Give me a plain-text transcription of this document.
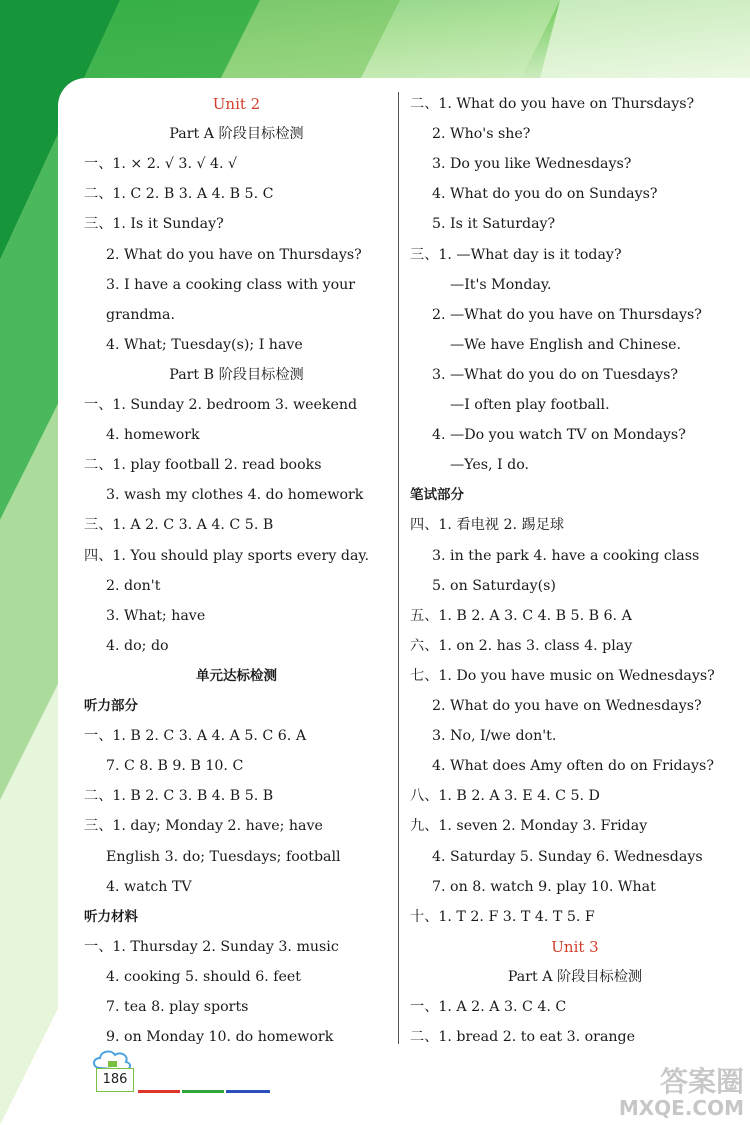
Unit 2
Part A 阶段目标检测
一、1. × 2. √ 3. √ 4. √
二、1. C 2. B 3. A 4. B 5. C
三、1. Is it Sunday?
2. What do you have on Thursdays?
3. I have a cooking class with your
grandma.
4. What; Tuesday(s); I have
Part B 阶段目标检测
一、1. Sunday 2. bedroom 3. weekend
4. homework
二、1. play football 2. read books
3. wash my clothes 4. do homework
三、1. A 2. C 3. A 4. C 5. B
四、1. You should play sports every day.
2. don't
3. What; have
4. do; do
单元达标检测
听力部分
一、1. B 2. C 3. A 4. A 5. C 6. A
7. C 8. B 9. B 10. C
二、1. B 2. C 3. B 4. B 5. B
三、1. day; Monday 2. have; have
English 3. do; Tuesdays; football
4. watch TV
听力材料
一、1. Thursday 2. Sunday 3. music
4. cooking 5. should 6. feet
7. tea 8. play sports
9. on Monday 10. do homework
二、1. What do you have on Thursdays?
2. Who's she?
3. Do you like Wednesdays?
4. What do you do on Sundays?
5. Is it Saturday?
三、1. —What day is it today?
—It's Monday.
2. —What do you have on Thursdays?
—We have English and Chinese.
3. —What do you do on Tuesdays?
—I often play football.
4. —Do you watch TV on Mondays?
—Yes, I do.
笔试部分
四、1. 看电视 2. 踢足球
3. in the park 4. have a cooking class
5. on Saturday(s)
五、1. B 2. A 3. C 4. B 5. B 6. A
六、1. on 2. has 3. class 4. play
七、1. Do you have music on Wednesdays?
2. What do you have on Wednesdays?
3. No, I/we don't.
4. What does Amy often do on Fridays?
八、1. B 2. A 3. E 4. C 5. D
九、1. seven 2. Monday 3. Friday
4. Saturday 5. Sunday 6. Wednesdays
7. on 8. watch 9. play 10. What
十、1. T 2. F 3. T 4. T 5. F
Unit 3
Part A 阶段目标检测
一、1. A 2. A 3. C 4. C
二、1. bread 2. to eat 3. orange
186	答案圈
MXQE.COM
